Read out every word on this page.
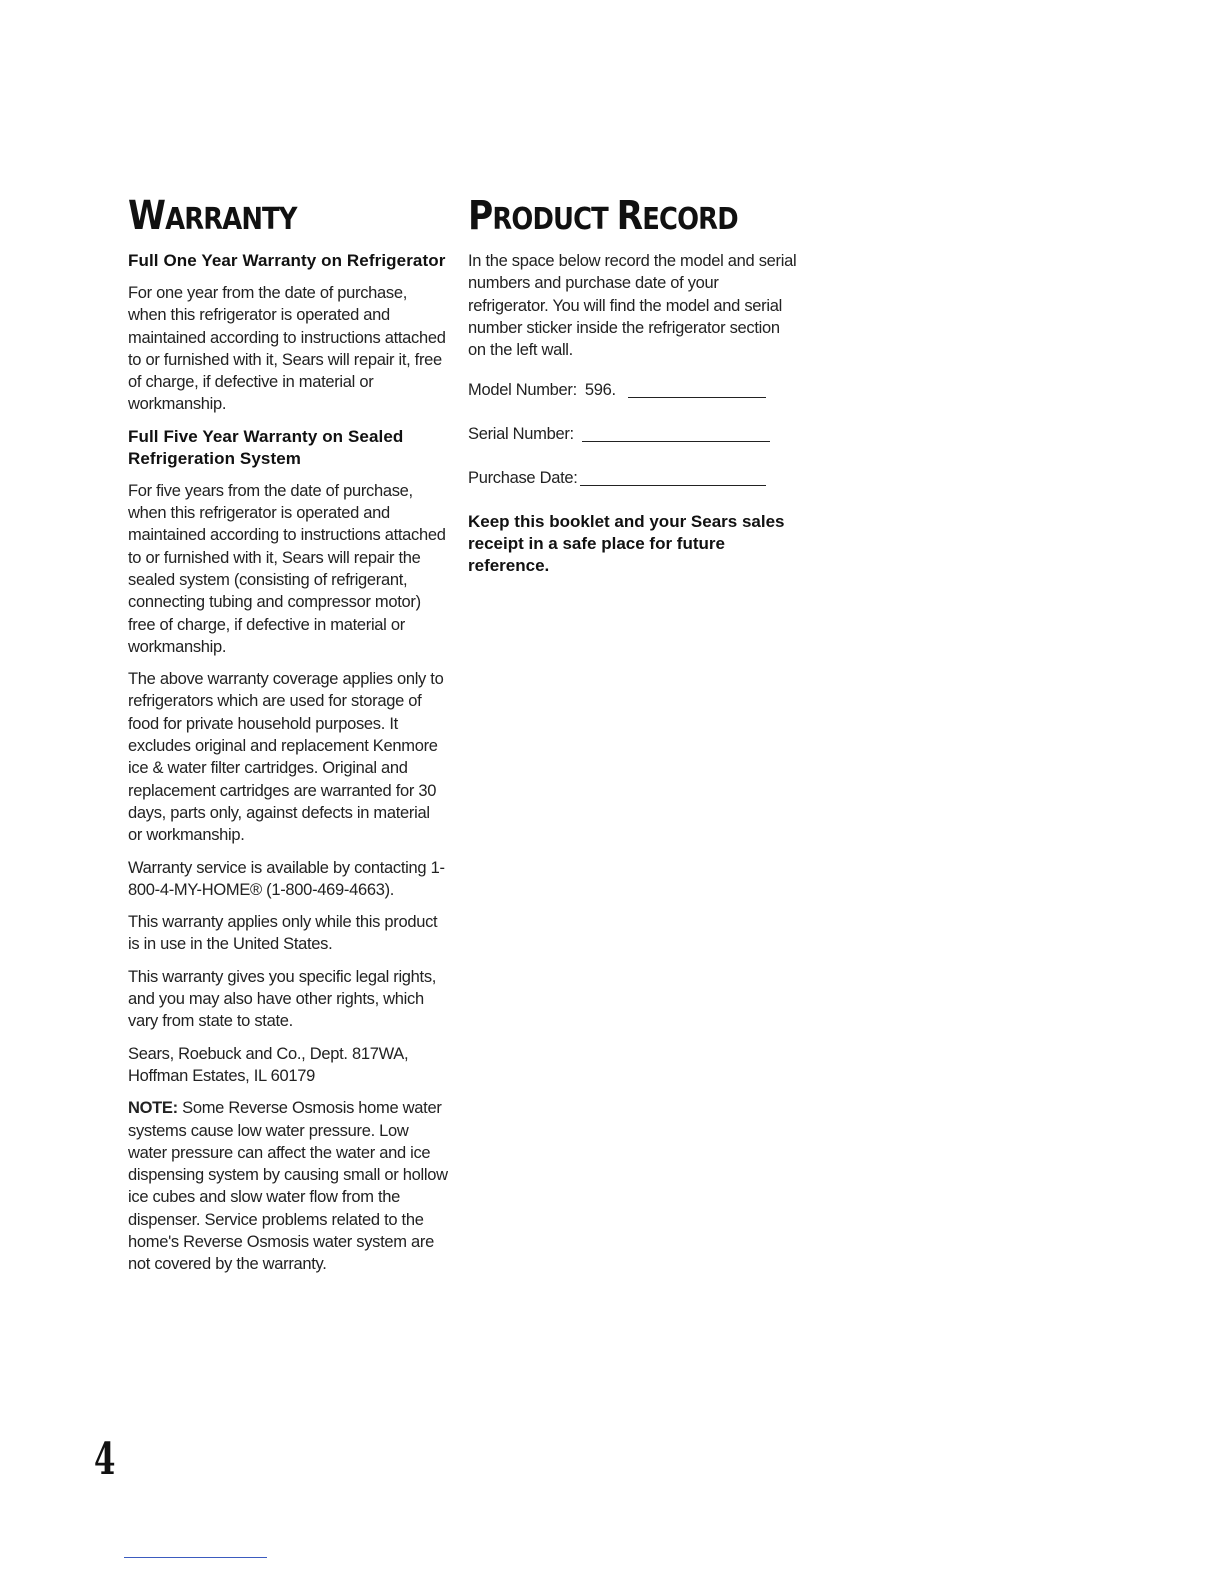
WARRANTY

Full One Year Warranty on Refrigerator

For one year from the date of purchase, when this refrigerator is operated and maintained according to instructions attached to or furnished with it, Sears will repair it, free of charge, if defective in material or workmanship.

Full Five Year Warranty on Sealed Refrigeration System

For five years from the date of purchase, when this refrigerator is operated and maintained according to instructions attached to or furnished with it, Sears will repair the sealed system (consisting of refrigerant, connecting tubing and compressor motor) free of charge, if defective in material or workmanship.

The above warranty coverage applies only to refrigerators which are used for storage of food for private household purposes. It excludes original and replacement Kenmore ice & water filter cartridges. Original and replacement cartridges are warranted for 30 days, parts only, against defects in material or workmanship.

Warranty service is available by contacting 1-800-4-MY-HOME® (1-800-469-4663).

This warranty applies only while this product is in use in the United States.

This warranty gives you specific legal rights, and you may also have other rights, which vary from state to state.

Sears, Roebuck and Co., Dept. 817WA, Hoffman Estates, IL 60179

NOTE: Some Reverse Osmosis home water systems cause low water pressure. Low water pressure can affect the water and ice dispensing system by causing small or hollow ice cubes and slow water flow from the dispenser. Service problems related to the home's Reverse Osmosis water system are not covered by the warranty.

PRODUCT RECORD

In the space below record the model and serial numbers and purchase date of your refrigerator. You will find the model and serial number sticker inside the refrigerator section on the left wall.

Model Number: 596.
Serial Number:
Purchase Date:

Keep this booklet and your Sears sales receipt in a safe place for future reference.

4
